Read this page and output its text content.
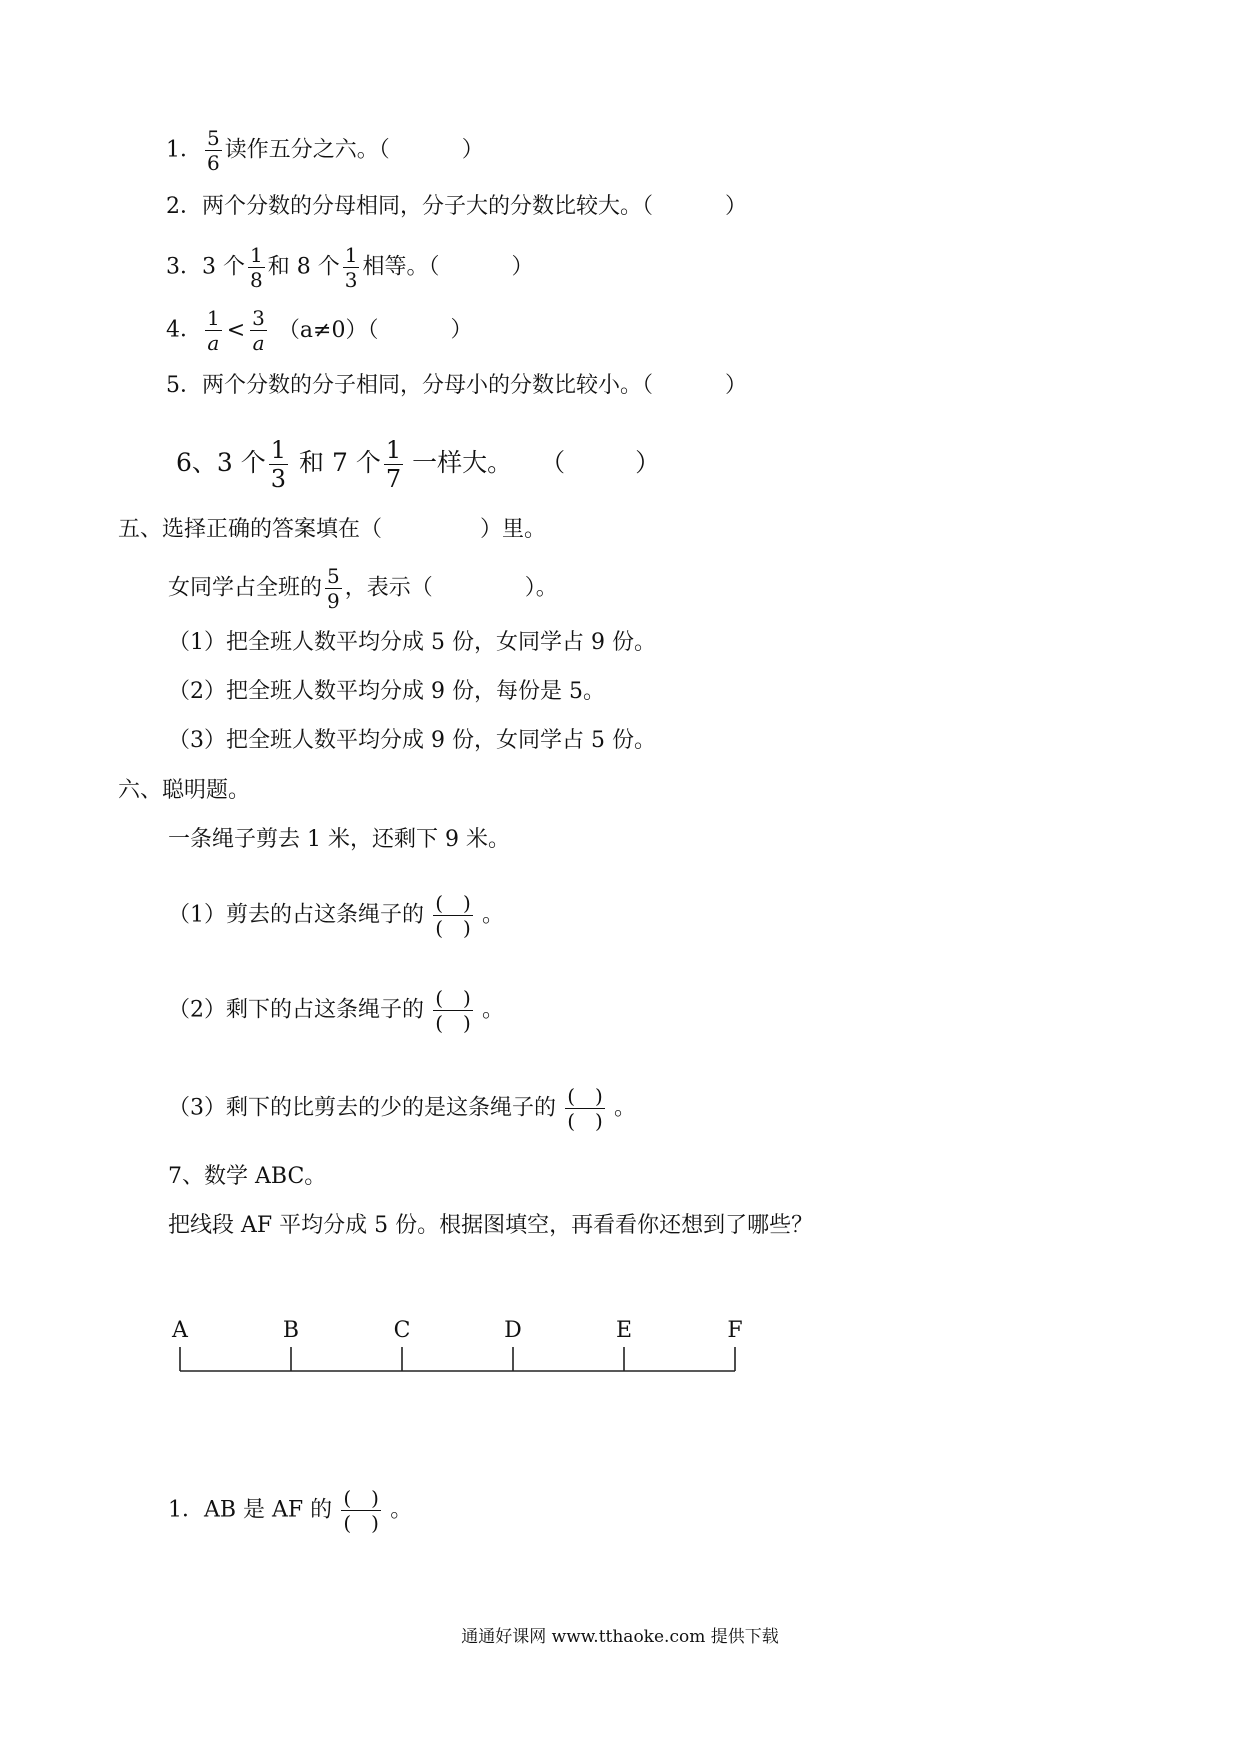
1． $\frac{5}{6}$ 读作五分之六。（	）
2．两个分数的分母相同，分子大的分数比较大。（	）
3．3 个 $\frac{1}{8}$ 和 8 个 $\frac{1}{3}$ 相等。（	）
4． $\frac{1}{a} < \frac{3}{a} (a\ne 0)$（	）
5．两个分数的分子相同，分母小的分数比较小。（	）
6、3 个 $\frac{1}{3}$ 和 7 个 $\frac{1}{7}$ 一样大。 （	）
五、选择正确的答案填在（	）里。
女同学占全班的 $\frac{5}{9}$ ，表示（	）。
（1）把全班人数平均分成 5 份，女同学占 9 份。
（2）把全班人数平均分成 9 份，每份是 5。
（3）把全班人数平均分成 9 份，女同学占 5 份。
六、聪明题。
一条绳子剪去 1 米，还剩下 9 米。
（1）剪去的占这条绳子的 $\frac{( )}{( )}$ 。
（2）剩下的占这条绳子的 $\frac{( )}{( )}$ 。
（3）剩下的比剪去的少的是这条绳子的 $\frac{( )}{( )}$ 。
7、数学 ABC。
把线段 AF 平均分成 5 份。根据图填空，再看看你还想到了哪些？
A	B	C	D	E	F
1．AB 是 AF 的 $\frac{( )}{( )}$ 。
通通好课网 www.tthaoke.com 提供下载
